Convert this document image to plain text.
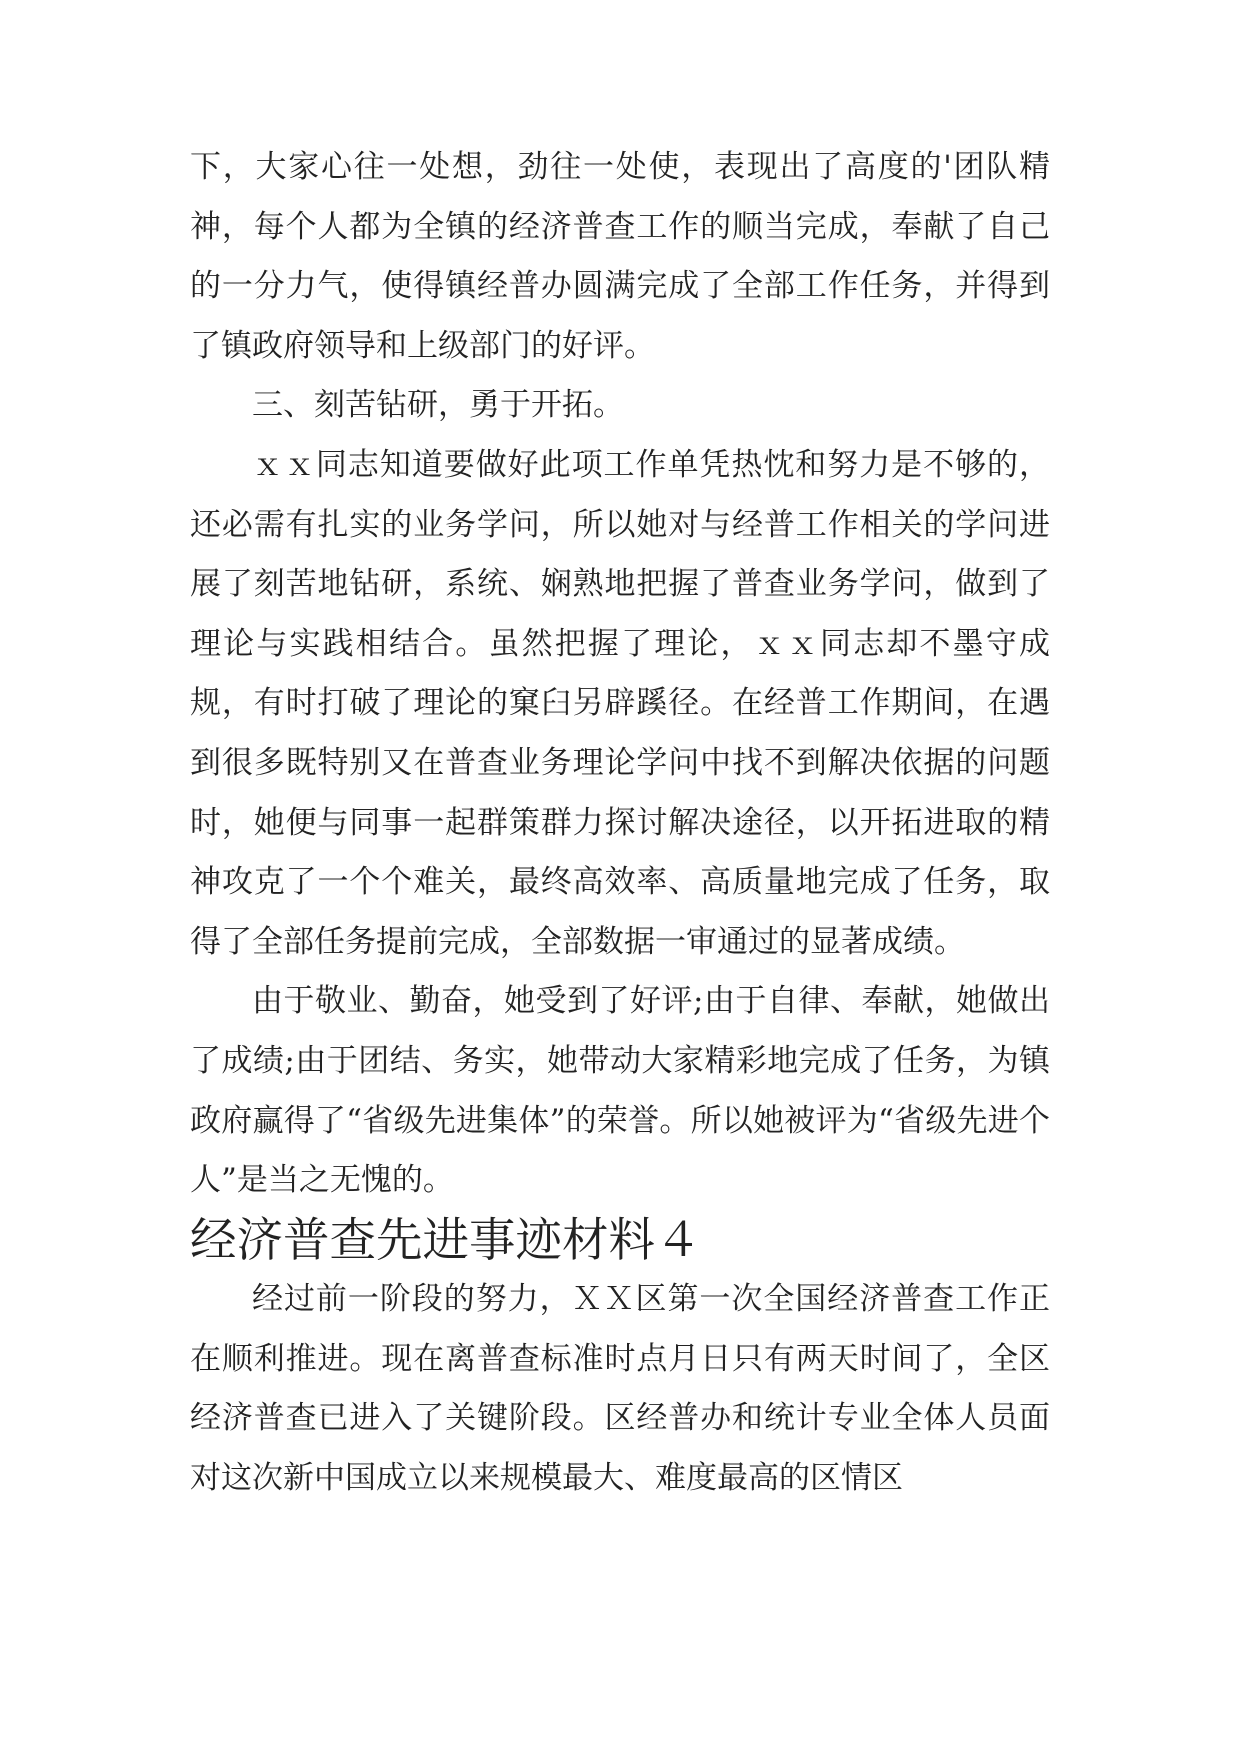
下，大家心往一处想，劲往一处使，表现出了高度的'团队精神，每个人都为全镇的经济普查工作的顺当完成，奉献了自己的一分力气，使得镇经普办圆满完成了全部工作任务，并得到了镇政府领导和上级部门的好评。

三、刻苦钻研，勇于开拓。

ｘｘ同志知道要做好此项工作单凭热忱和努力是不够的，还必需有扎实的业务学问，所以她对与经普工作相关的学问进展了刻苦地钻研，系统、娴熟地把握了普查业务学问，做到了理论与实践相结合。虽然把握了理论，ｘｘ同志却不墨守成规，有时打破了理论的窠臼另辟蹊径。在经普工作期间，在遇到很多既特别又在普查业务理论学问中找不到解决依据的问题时，她便与同事一起群策群力探讨解决途径，以开拓进取的精神攻克了一个个难关，最终高效率、高质量地完成了任务，取得了全部任务提前完成，全部数据一审通过的显著成绩。

由于敬业、勤奋，她受到了好评;由于自律、奉献，她做出了成绩;由于团结、务实，她带动大家精彩地完成了任务，为镇政府赢得了“省级先进集体”的荣誉。所以她被评为“省级先进个人”是当之无愧的。

经济普查先进事迹材料４

经过前一阶段的努力，ＸＸ区第一次全国经济普查工作正在顺利推进。现在离普查标准时点月日只有两天时间了，全区经济普查已进入了关键阶段。区经普办和统计专业全体人员面对这次新中国成立以来规模最大、难度最高的区情区
